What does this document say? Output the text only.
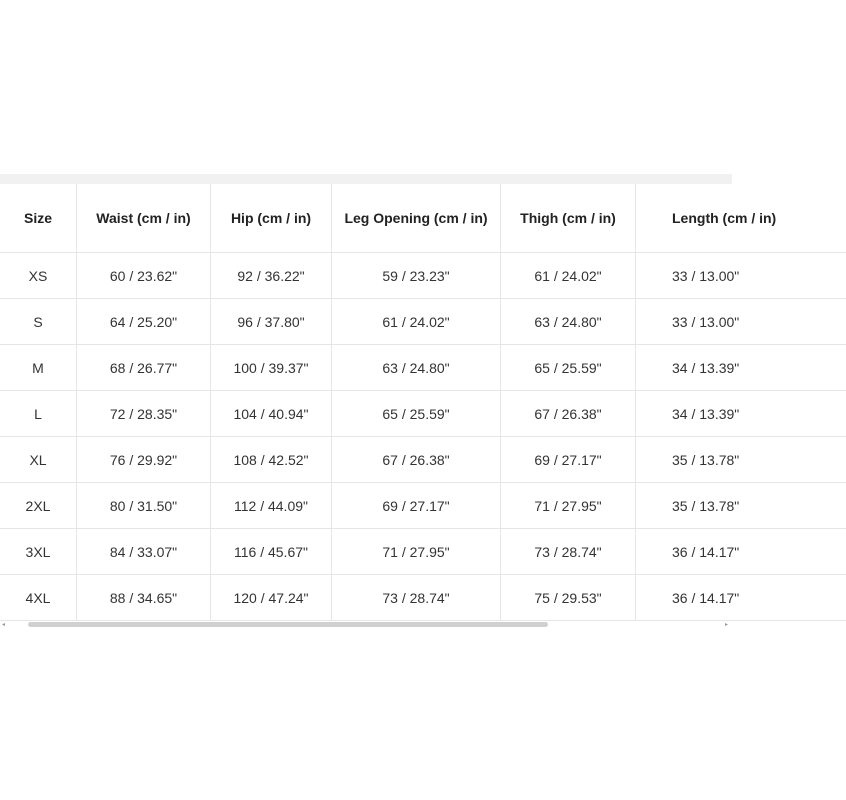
Size	Waist (cm / in)	Hip (cm / in)	Leg Opening (cm / in)	Thigh (cm / in)	Length (cm / in)
XS	60 / 23.62"	92 / 36.22"	59 / 23.23"	61 / 24.02"	33 / 13.00"
S	64 / 25.20"	96 / 37.80"	61 / 24.02"	63 / 24.80"	33 / 13.00"
M	68 / 26.77"	100 / 39.37"	63 / 24.80"	65 / 25.59"	34 / 13.39"
L	72 / 28.35"	104 / 40.94"	65 / 25.59"	67 / 26.38"	34 / 13.39"
XL	76 / 29.92"	108 / 42.52"	67 / 26.38"	69 / 27.17"	35 / 13.78"
2XL	80 / 31.50"	112 / 44.09"	69 / 27.17"	71 / 27.95"	35 / 13.78"
3XL	84 / 33.07"	116 / 45.67"	71 / 27.95"	73 / 28.74"	36 / 14.17"
4XL	88 / 34.65"	120 / 47.24"	73 / 28.74"	75 / 29.53"	36 / 14.17"
◂	▸
